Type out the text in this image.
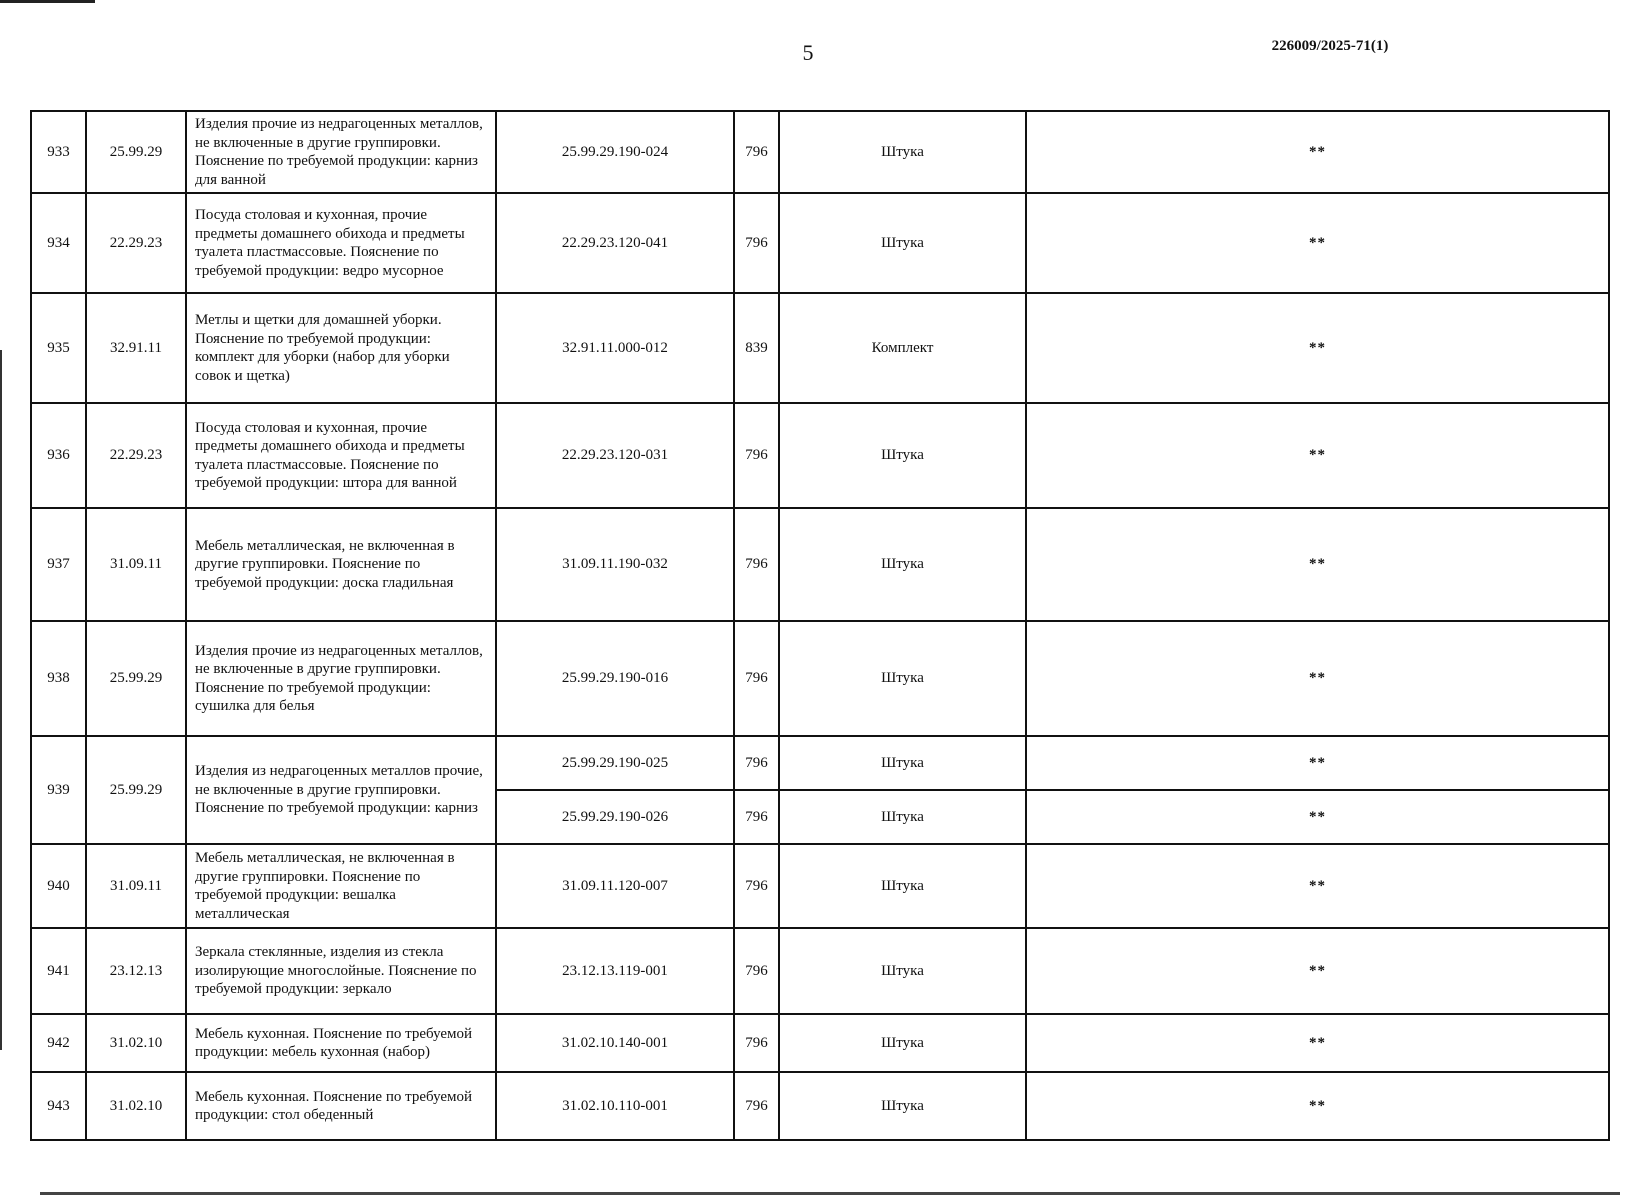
5	226009/2025-71(1)
933	25.99.29	Изделия прочие из недрагоценных металлов, не включенные в другие группировки. Пояснение по требуемой продукции: карниз для ванной	25.99.29.190-024	796	Штука	**
934	22.29.23	Посуда столовая и кухонная, прочие предметы домашнего обихода и предметы туалета пластмассовые. Пояснение по требуемой продукции: ведро мусорное	22.29.23.120-041	796	Штука	**
935	32.91.11	Метлы и щетки для домашней уборки. Пояснение по требуемой продукции: комплект для уборки (набор для уборки совок и щетка)	32.91.11.000-012	839	Комплект	**
936	22.29.23	Посуда столовая и кухонная, прочие предметы домашнего обихода и предметы туалета пластмассовые. Пояснение по требуемой продукции: штора для ванной	22.29.23.120-031	796	Штука	**
937	31.09.11	Мебель металлическая, не включенная в другие группировки. Пояснение по требуемой продукции: доска гладильная	31.09.11.190-032	796	Штука	**
938	25.99.29	Изделия прочие из недрагоценных металлов, не включенные в другие группировки. Пояснение по требуемой продукции: сушилка для белья	25.99.29.190-016	796	Штука	**
939	25.99.29	Изделия из недрагоценных металлов прочие, не включенные в другие группировки. Пояснение по требуемой продукции: карниз	25.99.29.190-025	796	Штука	**
			25.99.29.190-026	796	Штука	**
940	31.09.11	Мебель металлическая, не включенная в другие группировки. Пояснение по требуемой продукции: вешалка металлическая	31.09.11.120-007	796	Штука	**
941	23.12.13	Зеркала стеклянные, изделия из стекла изолирующие многослойные. Пояснение по требуемой продукции: зеркало	23.12.13.119-001	796	Штука	**
942	31.02.10	Мебель кухонная. Пояснение по требуемой продукции: мебель кухонная (набор)	31.02.10.140-001	796	Штука	**
943	31.02.10	Мебель кухонная. Пояснение по требуемой продукции: стол обеденный	31.02.10.110-001	796	Штука	**
